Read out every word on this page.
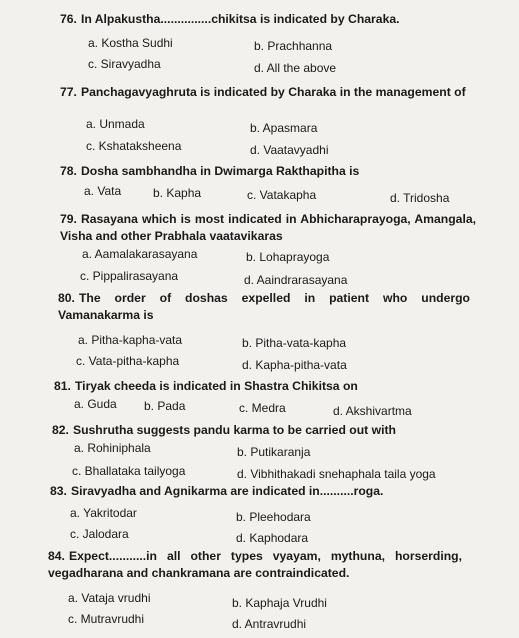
76. In Alpakustha...............chikitsa is indicated by Charaka.
a. Kostha Sudhi	b. Prachhanna
c. Siravyadha	d. All the above
77. Panchagavyaghruta is indicated by Charaka in the management of
a. Unmada	b. Apasmara
c. Kshataksheena	d. Vaatavyadhi
78. Dosha sambhandha in Dwimarga Rakthapitha is
a. Vata	b. Kapha	c. Vatakapha	d. Tridosha
79. Rasayana which is most indicated in Abhicharaprayoga, Amangala, Visha and other Prabhala vaatavikaras
a. Aamalakarasayana	b. Lohaprayoga
c. Pippalirasayana	d. Aaindrarasayana
80. The order of doshas expelled in patient who undergo Vamanakarma is
a. Pitha-kapha-vata	b. Pitha-vata-kapha
c. Vata-pitha-kapha	d. Kapha-pitha-vata
81. Tiryak cheeda is indicated in Shastra Chikitsa on
a. Guda b. Pada	c. Medra	d. Akshivartma
82. Sushrutha suggests pandu karma to be carried out with
a. Rohiniphala	b. Putikaranja
c. Bhallataka tailyoga	d. Vibhithakadi snehaphala taila yoga
83. Siravyadha and Agnikarma are indicated in..........roga.
a. Yakritodar	b. Pleehodara
c. Jalodara	d. Kaphodara
84. Expect...........in all other types vyayam, mythuna, horserding, vegadharana and chankramana are contraindicated.
a. Vataja vrudhi	b. Kaphaja Vrudhi
c. Mutravrudhi	d. Antravrudhi
